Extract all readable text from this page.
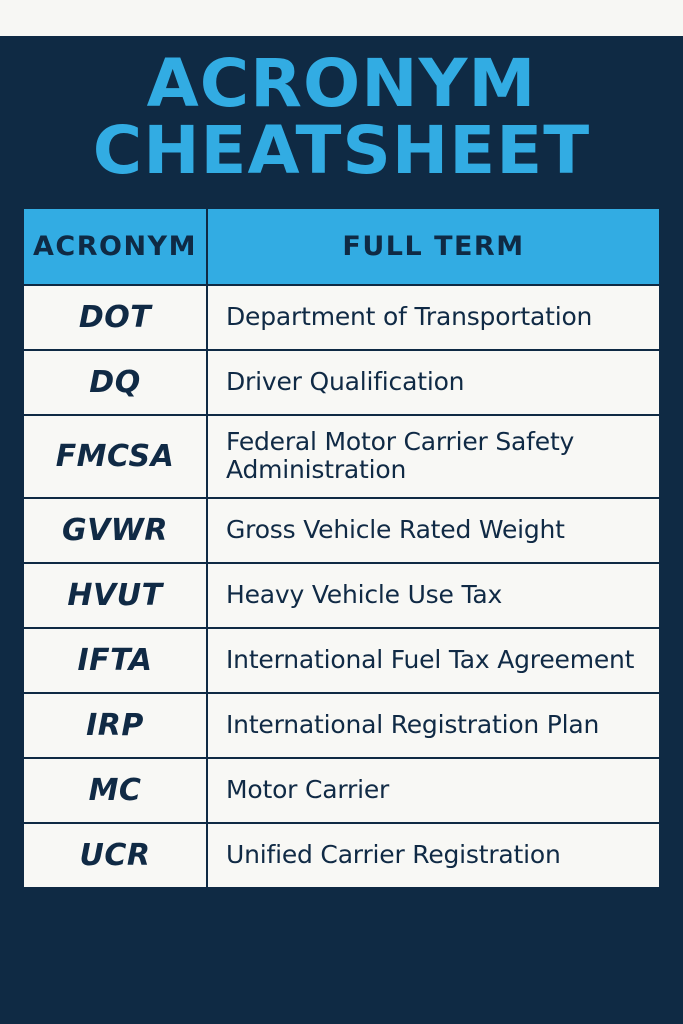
ACRONYM
CHEATSHEET
ACRONYM	FULL TERM
DOT	Department of Transportation
DQ	Driver Qualification
FMCSA	Federal Motor Carrier Safety Administration
GVWR	Gross Vehicle Rated Weight
HVUT	Heavy Vehicle Use Tax
IFTA	International Fuel Tax Agreement
IRP	International Registration Plan
MC	Motor Carrier
UCR	Unified Carrier Registration
